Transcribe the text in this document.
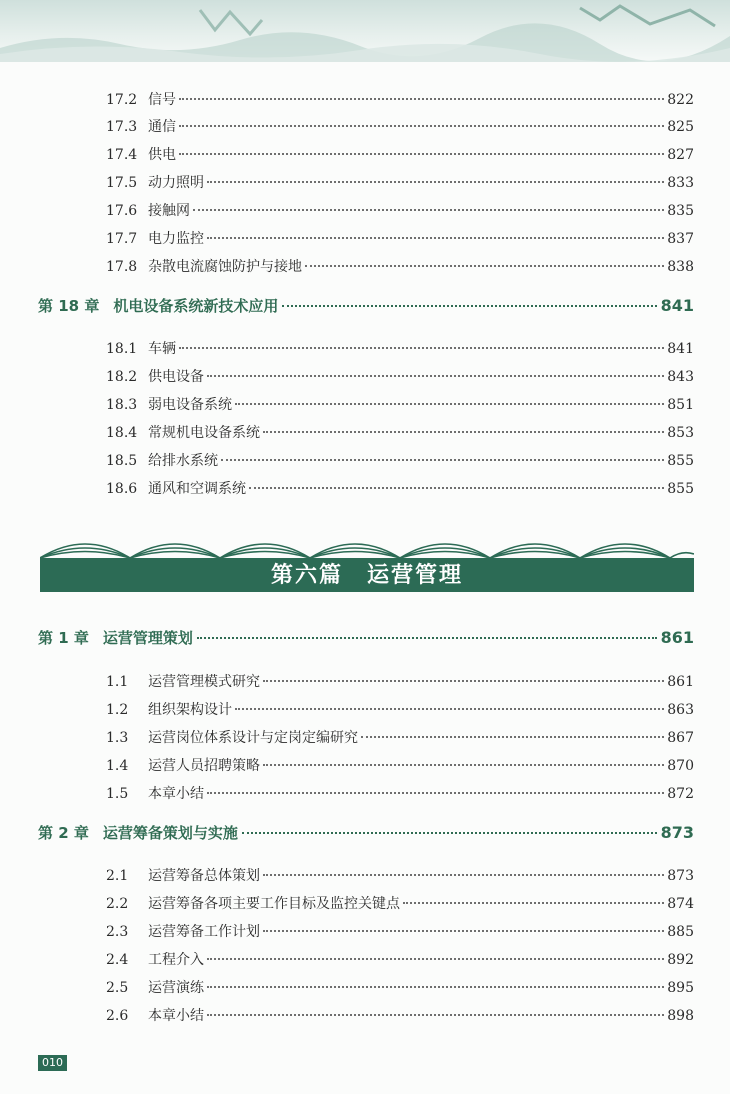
17.2 信号	822
17.3 通信	825
17.4 供电	827
17.5 动力照明	833
17.6 接触网	835
17.7 电力监控	837
17.8 杂散电流腐蚀防护与接地	838
第 18 章 机电设备系统新技术应用	841
18.1 车辆	841
18.2 供电设备	843
18.3 弱电设备系统	851
18.4 常规机电设备系统	853
18.5 给排水系统	855
18.6 通风和空调系统	855
第六篇　运营管理
第 1 章 运营管理策划	861
1.1	运营管理模式研究	861
1.2	组织架构设计	863
1.3	运营岗位体系设计与定岗定编研究	867
1.4	运营人员招聘策略	870
1.5	本章小结	872
第 2 章 运营筹备策划与实施	873
2.1	运营筹备总体策划	873
2.2	运营筹备各项主要工作目标及监控关键点	874
2.3	运营筹备工作计划	885
2.4	工程介入	892
2.5	运营演练	895
2.6	本章小结	898
010
